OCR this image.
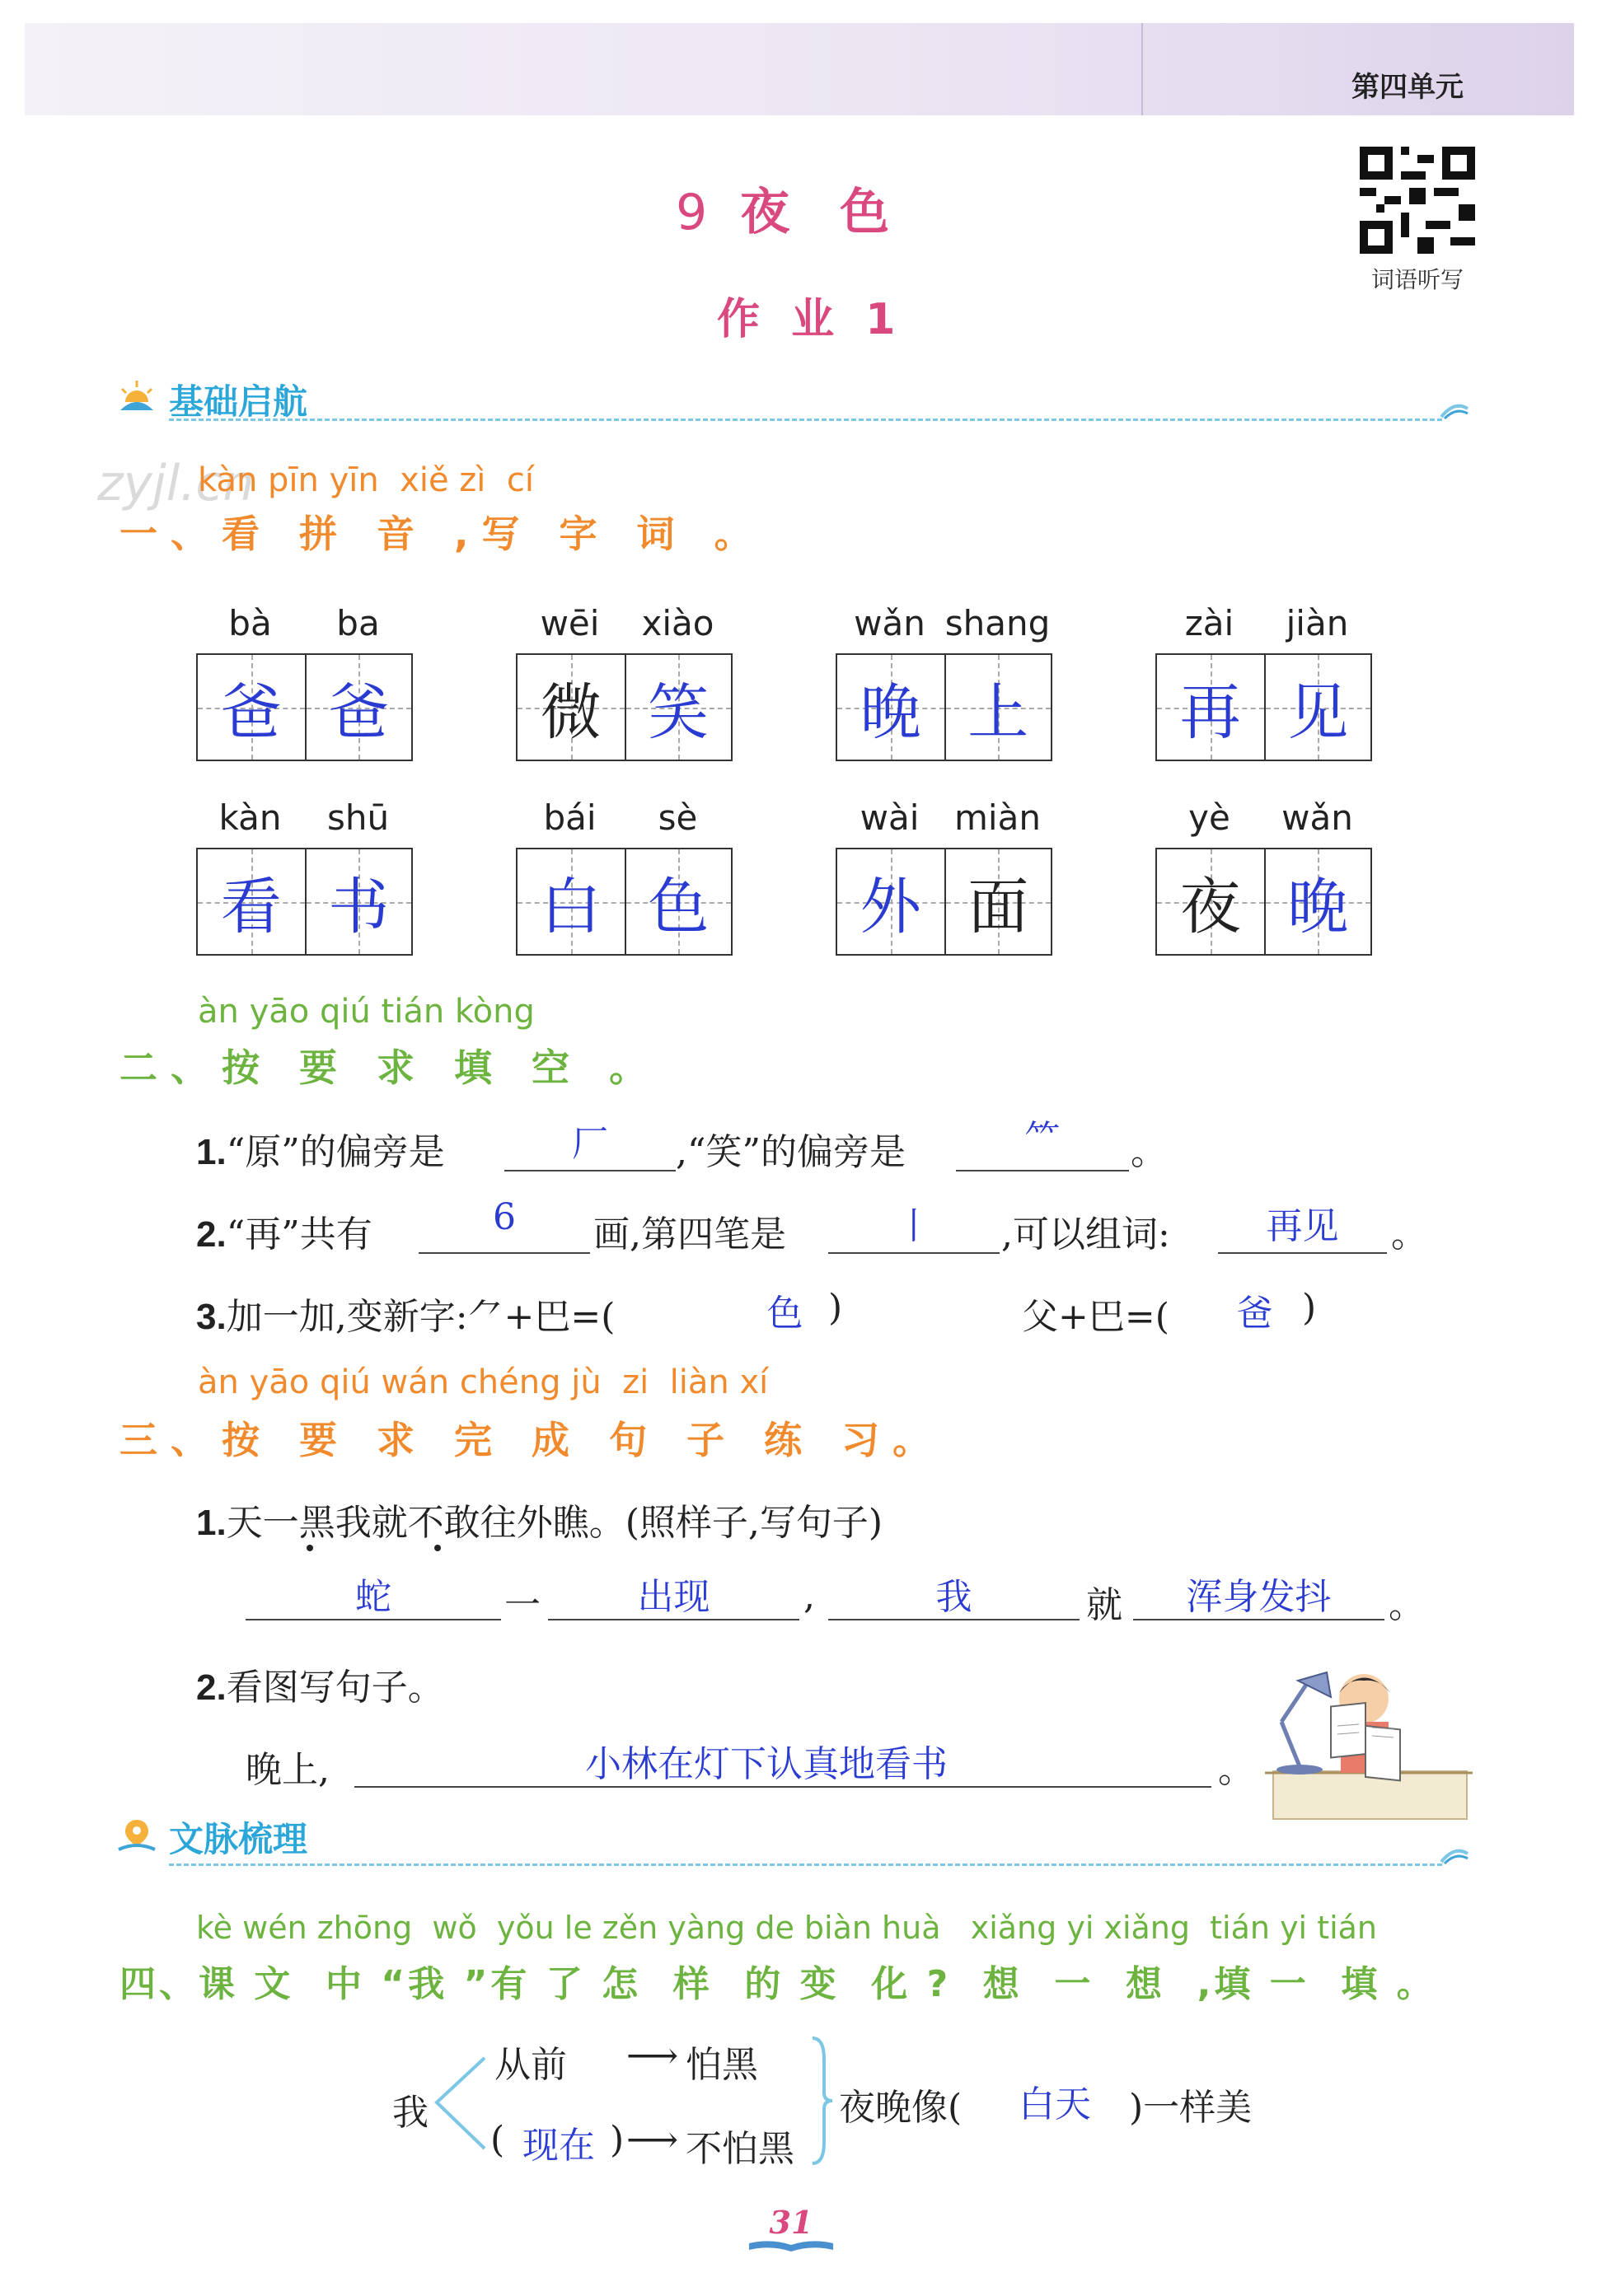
第四单元
词语听写
9 夜 色
作 业 1
zyjl.cn
基础启航
kàn pīn yīn  xiě zì  cí
一、看 拼 音 ,写 字 词 。
bà	ba	wēi	xiào	wǎn shang	zài	jiàn
爸 爸	微 笑	晚 上	再 见
kàn	shū	bái	sè	wài	miàn	yè	wǎn
看 书	白 色	外 面	夜 晚
àn yāo qiú tián kòng
二、按 要 求 填 空 。
1.“原”的偏旁是	厂	,“笑”的偏旁是	⺮	。
2.“再”共有	6	画,第四笔是	丨	,可以组词:	再见	。
3.加一加,变新字:⺈+巴=(	色 )	父+巴=(	爸 )
àn yāo qiú wán chéng jù  zi  liàn xí
三、按 要 求 完 成 句 子 练 习。
1.天一黑我就不敢往外瞧。(照样子,写句子)
蛇	一	出现	,	我	就	浑身发抖	。
2.看图写句子。
晚上,	小林在灯下认真地看书	。
文脉梳理
kè wén zhōng  wǒ  yǒu le zěn yàng de biàn huà   xiǎng yi xiǎng  tián yi tián
四、课 文  中 “我 ”有 了 怎  样  的 变  化 ?  想  一  想  ,填 一  填 。
我
从前 ⟶ 怕黑
( 现在 ) ⟶ 不怕黑
夜晚像(	白天	)一样美
31
